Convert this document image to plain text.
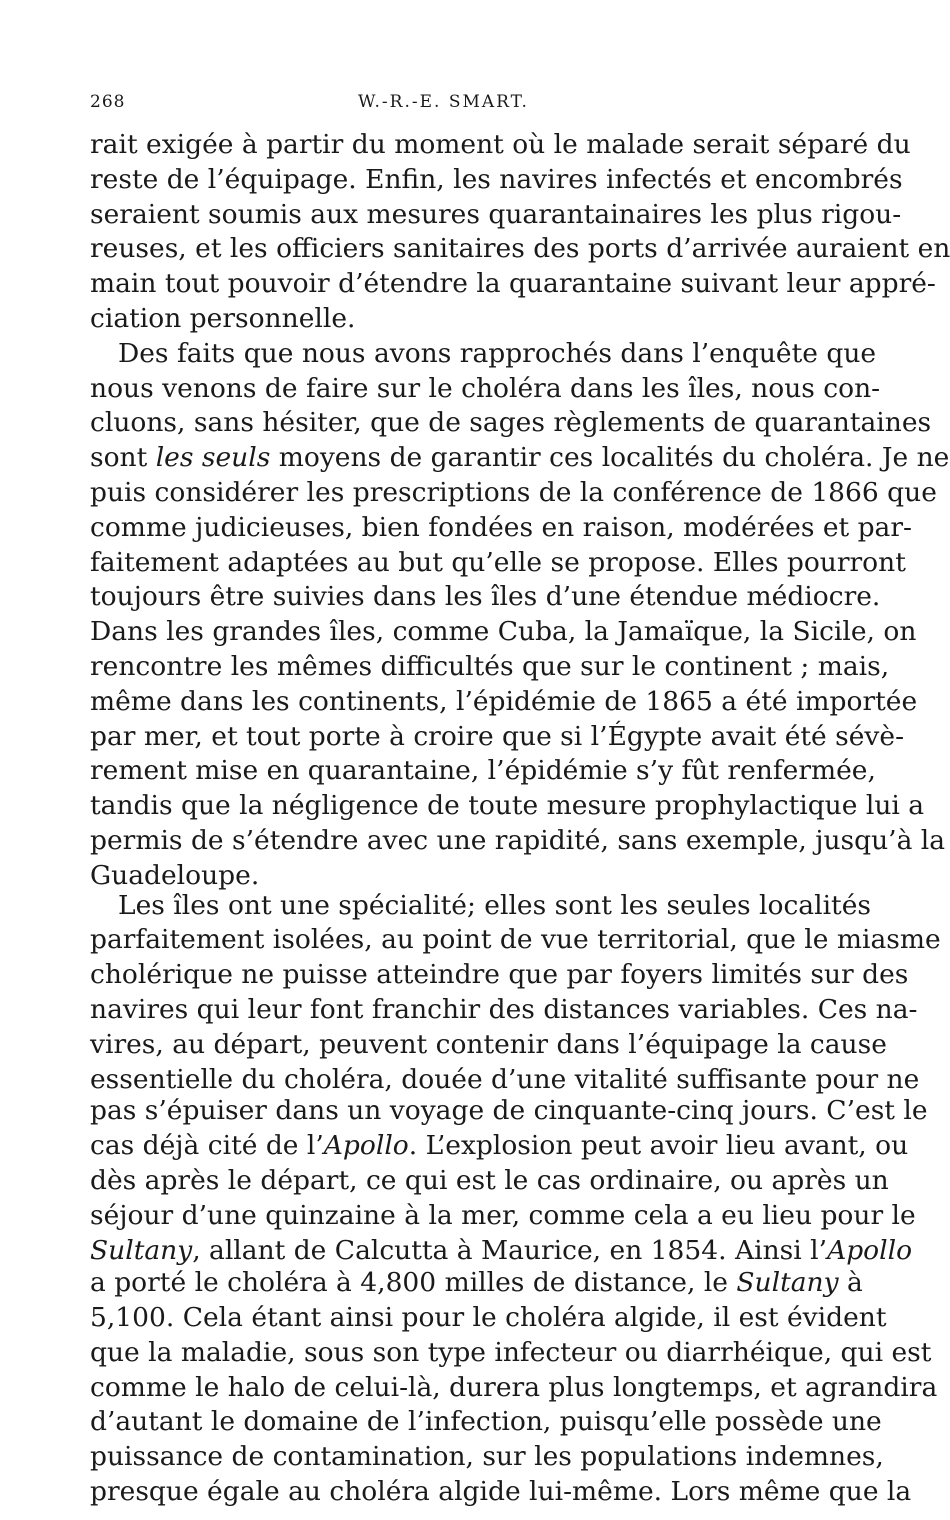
268	W.-R.-E. SMART.
rait exigée à partir du moment où le malade serait séparé du
reste de l’équipage. Enfin, les navires infectés et encombrés
seraient soumis aux mesures quarantainaires les plus rigou-
reuses, et les officiers sanitaires des ports d’arrivée auraient en
main tout pouvoir d’étendre la quarantaine suivant leur appré-
ciation personnelle.
Des faits que nous avons rapprochés dans l’enquête que
nous venons de faire sur le choléra dans les îles, nous con-
cluons, sans hésiter, que de sages règlements de quarantaines
sont les seuls moyens de garantir ces localités du choléra. Je ne
puis considérer les prescriptions de la conférence de 1866 que
comme judicieuses, bien fondées en raison, modérées et par-
faitement adaptées au but qu’elle se propose. Elles pourront
toujours être suivies dans les îles d’une étendue médiocre.
Dans les grandes îles, comme Cuba, la Jamaïque, la Sicile, on
rencontre les mêmes difficultés que sur le continent ; mais,
même dans les continents, l’épidémie de 1865 a été importée
par mer, et tout porte à croire que si l’Égypte avait été sévè-
rement mise en quarantaine, l’épidémie s’y fût renfermée,
tandis que la négligence de toute mesure prophylactique lui a
permis de s’étendre avec une rapidité, sans exemple, jusqu’à la
Guadeloupe.
Les îles ont une spécialité; elles sont les seules localités
parfaitement isolées, au point de vue territorial, que le miasme
cholérique ne puisse atteindre que par foyers limités sur des
navires qui leur font franchir des distances variables. Ces na-
vires, au départ, peuvent contenir dans l’équipage la cause
essentielle du choléra, douée d’une vitalité suffisante pour ne
pas s’épuiser dans un voyage de cinquante-cinq jours. C’est le
cas déjà cité de l’Apollo. L’explosion peut avoir lieu avant, ou
dès après le départ, ce qui est le cas ordinaire, ou après un
séjour d’une quinzaine à la mer, comme cela a eu lieu pour le
Sultany, allant de Calcutta à Maurice, en 1854. Ainsi l’Apollo
a porté le choléra à 4,800 milles de distance, le Sultany à
5,100. Cela étant ainsi pour le choléra algide, il est évident
que la maladie, sous son type infecteur ou diarrhéique, qui est
comme le halo de celui-là, durera plus longtemps, et agrandira
d’autant le domaine de l’infection, puisqu’elle possède une
puissance de contamination, sur les populations indemnes,
presque égale au choléra algide lui-même. Lors même que la
